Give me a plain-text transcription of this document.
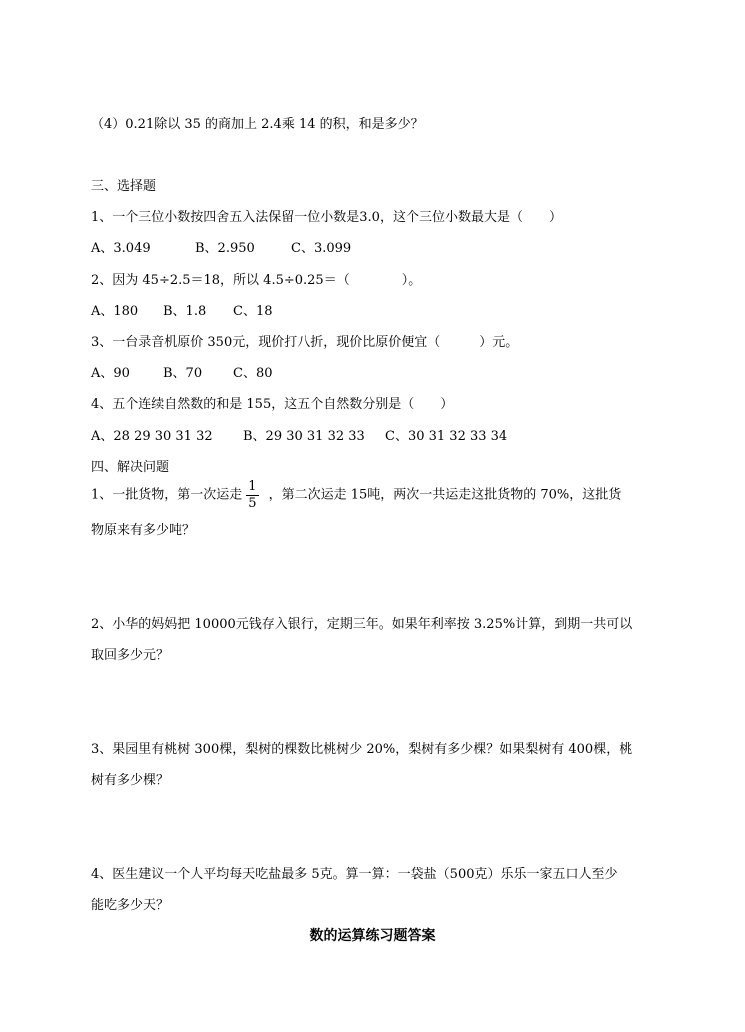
（4）0.21除以 35 的商加上 2.4乘 14 的积，和是多少？
三、选择题
1、一个三位小数按四舍五入法保留一位小数是3.0，这个三位小数最大是（　　）
A、3.049	B、2.950	C、3.099
2、因为 45÷2.5＝18，所以 4.5÷0.25＝（　　　　）。
A、180 B、1.8 C、18
3、一台录音机原价 350元，现价打八折，现价比原价便宜（　　　）元。
A、90	B、70 C、80
4、五个连续自然数的和是 155，这五个自然数分别是（　　）
A、28 29 30 31 32 B、29 30 31 32 33 C、30 31 32 33 34
四、解决问题
1、一批货物，第一次运走 $\frac{1}{5}$ ，第二次运走 15吨，两次一共运走这批货物的 70%，这批货
物原来有多少吨？
2、小华的妈妈把 10000元钱存入银行，定期三年。如果年利率按 3.25%计算，到期一共可以
取回多少元？
3、果园里有桃树 300棵，梨树的棵数比桃树少 20%，梨树有多少棵？如果梨树有 400棵，桃
树有多少棵？
4、医生建议一个人平均每天吃盐最多 5克。算一算：一袋盐（500克）乐乐一家五口人至少
能吃多少天？
数的运算练习题答案
